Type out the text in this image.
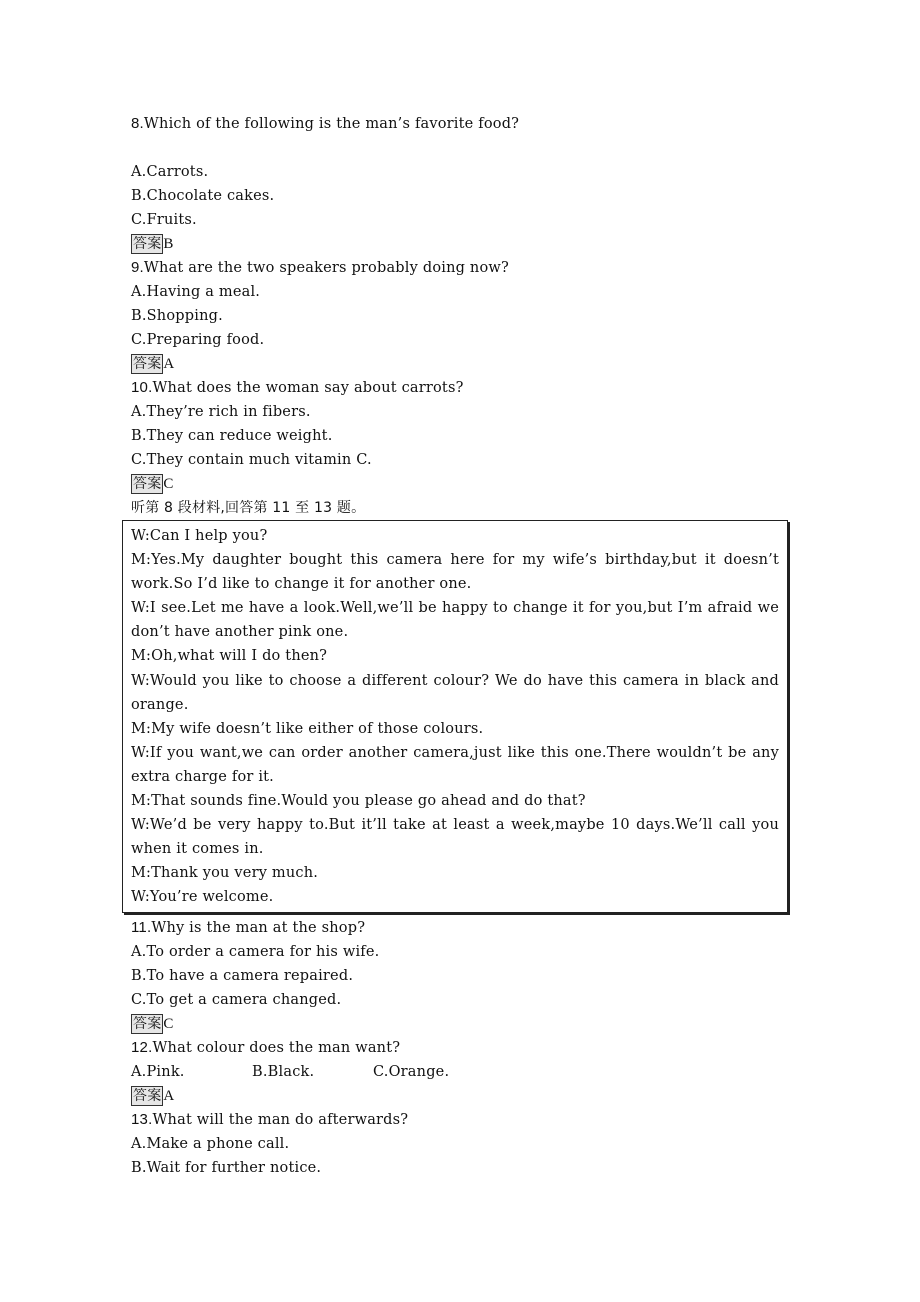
8.Which of the following is the man’s favorite food?
A.Carrots.
B.Chocolate cakes.
C.Fruits.
答案 B
9.What are the two speakers probably doing now?
A.Having a meal.
B.Shopping.
C.Preparing food.
答案 A
10.What does the woman say about carrots?
A.They’re rich in fibers.
B.They can reduce weight.
C.They contain much vitamin C.
答案 C
听第 8 段材料,回答第 11 至 13 题。

W:Can I help you?

M:Yes.My daughter bought this camera here for my wife’s birthday,but it doesn’t work.So I’d like to change it for another one.

W:I see.Let me have a look.Well,we’ll be happy to change it for you,but I’m afraid we don’t have another pink one.

M:Oh,what will I do then?

W:Would you like to choose a different colour? We do have this camera in black and orange.

M:My wife doesn’t like either of those colours.

W:If you want,we can order another camera,just like this one.There wouldn’t be any extra charge for it.

M:That sounds fine.Would you please go ahead and do that?

W:We’d be very happy to.But it’ll take at least a week,maybe 10 days.We’ll call you when it comes in.

M:Thank you very much.

W:You’re welcome.

11.Why is the man at the shop?
A.To order a camera for his wife.
B.To have a camera repaired.
C.To get a camera changed.
答案 C
12.What colour does the man want?
A.Pink.	B.Black.	C.Orange.
答案 A
13.What will the man do afterwards?
A.Make a phone call.
B.Wait for further notice.
